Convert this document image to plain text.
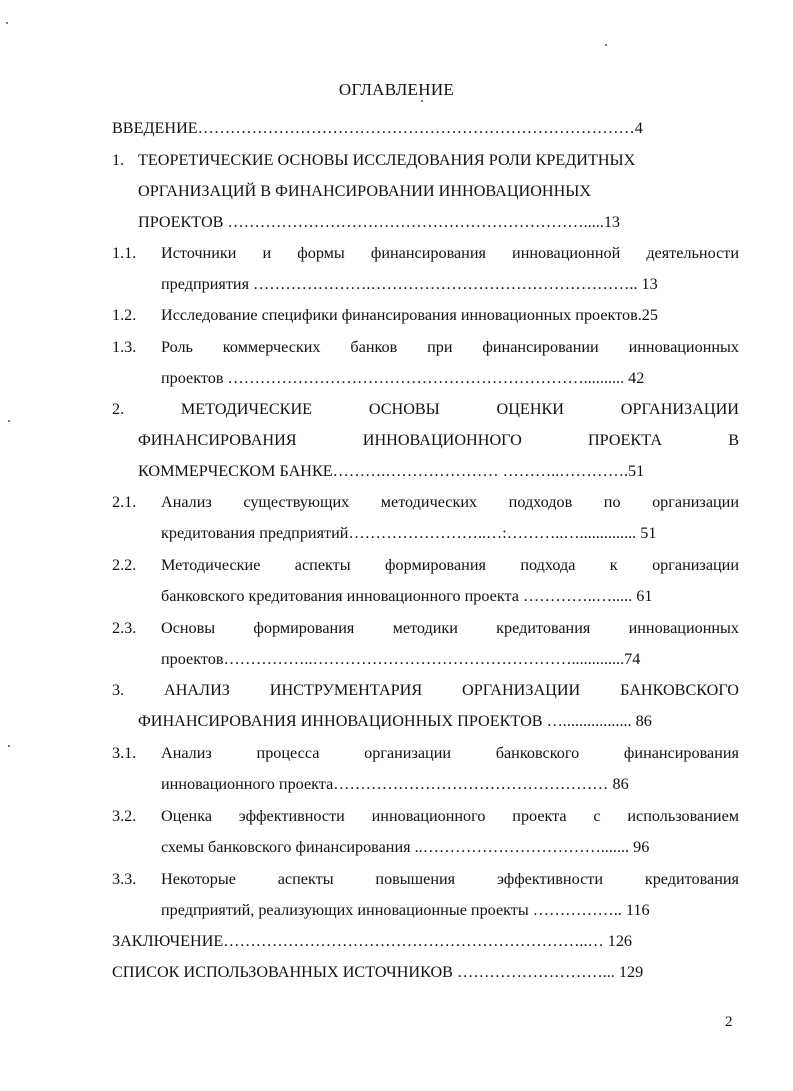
ОГЛАВЛЕНИЕ
ВВЕДЕНИЕ………………………………………………………………………4
1. ТЕОРЕТИЧЕСКИЕ ОСНОВЫ ИССЛЕДОВАНИЯ РОЛИ КРЕДИТНЫХ
ОРГАНИЗАЦИЙ В ФИНАНСИРОВАНИИ ИННОВАЦИОННЫХ
ПРОЕКТОВ ………………………………………………………….....13
1.1. Источники и формы финансирования инновационной деятельности
предприятия ………………….………………………………………….. 13
1.2. Исследование специфики финансирования инновационных проектов.25
1.3. Роль коммерческих банков при финансировании инновационных
проектов ………………………………………………………….......... 42
2. МЕТОДИЧЕСКИЕ ОСНОВЫ ОЦЕНКИ ОРГАНИЗАЦИИ
ФИНАНСИРОВАНИЯ ИННОВАЦИОННОГО ПРОЕКТА В
КОММЕРЧЕСКОМ БАНКЕ……….………………… ………..………….51
2.1. Анализ существующих методических подходов по организации
кредитования предприятий……………………..…:………..….............. 51
2.2. Методические аспекты формирования подхода к организации
банковского кредитования инновационного проекта …………..…..... 61
2.3. Основы формирования методики кредитования инновационных
проектов……………..………………………………………….............74
3. АНАЛИЗ ИНСТРУМЕНТАРИЯ ОРГАНИЗАЦИИ БАНКОВСКОГО
ФИНАНСИРОВАНИЯ ИННОВАЦИОННЫХ ПРОЕКТОВ …................. 86
3.1. Анализ процесса организации банковского финансирования
инновационного проекта…………………………………………… 86
3.2. Оценка эффективности инновационного проекта с использованием
схемы банковского финансирования ..……………………………....... 96
3.3. Некоторые аспекты повышения эффективности кредитования
предприятий, реализующих инновационные проекты …………….. 116
ЗАКЛЮЧЕНИЕ…………………………………………………………..… 126
СПИСОК ИСПОЛЬЗОВАННЫХ ИСТОЧНИКОВ ………………………... 129
2
